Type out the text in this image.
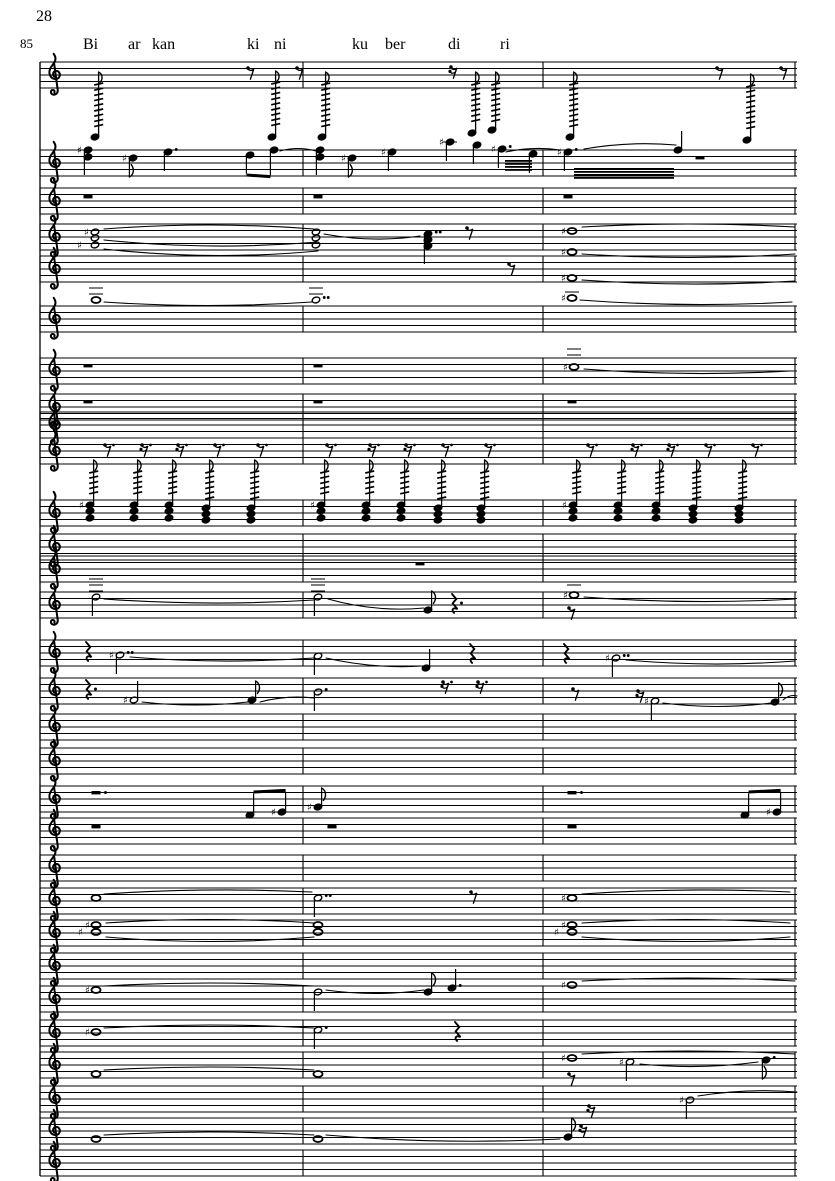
28
85	Bi ar kan	ki ni	ku ber	di ri
♯
♯	♯
♯
♯
♯	♯
♯
♯
♯
♯
♯
♯
♯
♯	♯	♯
♯
♯	♯
♯	♯
♯	♯	♯
♯
♯
♯
♯
♯
♯	♯
♯
♯	♯
♯
